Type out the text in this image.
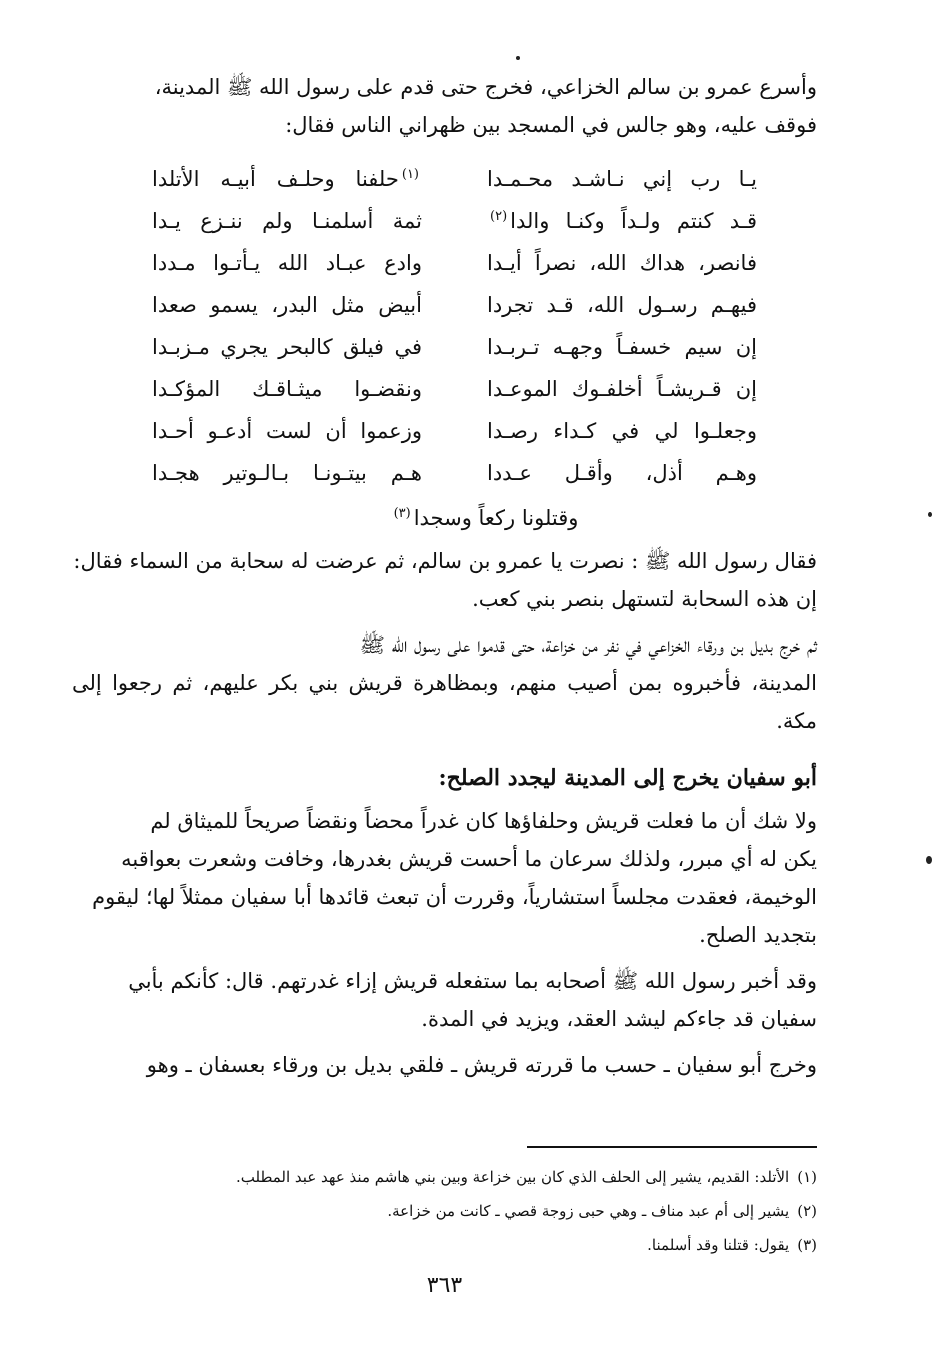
وأسرع عمرو بن سالم الخزاعي، فخرج حتى قدم على رسول الله ﷺ المدينة،
فوقف عليه، وهو جالس في المسجد بين ظهراني الناس فقال:

يـا رب إني نـاشـد محـمـدا
$^{(١)}$حلفنا وحلـف أبيـه الأتلدا
قـد كنتم ولـداً وكنـا والدا$^{(٢)}$
ثمة أسلمنـا ولم ننـزع يـدا
فانصر، هداك الله، نصراً أيـدا
وادع عبـاد الله يـأتـوا مـددا
فيهـم رسـول الله، قـد تجردا
أبيض مثل البدر، يسمو صعدا
إن سيم خسفـاً وجهـه تـربـدا
في فيلق كالبحر يجري مـزبـدا
إن قـريشـاً أخلفـوك الموعـدا
ونقضـوا ميثـاقـك المؤكـدا
وجعلـوا لي في كـداء رصـدا
وزعموا أن لست أدعـو أحـدا
وهـم أذل، وأقـل عـددا
هـم بيتـونـا بـالـوتير هجـدا
وقتلونا ركعاً وسجدا$^{(٣)}$

فقال رسول الله ﷺ : نصرت يا عمرو بن سالم، ثم عرضت له سحابة من السماء فقال:
إن هذه السحابة لتستهل بنصر بني كعب.

ثم خرج بديل بن ورقاء الخزاعي في نفر من خزاعة، حتى قدموا على رسول الله ﷺ
المدينة، فأخبروه بمن أصيب منهم، وبمظاهرة قريش بني بكر عليهم، ثم رجعوا إلى مكة.

أبو سفيان يخرج إلى المدينة ليجدد الصلح:

ولا شك أن ما فعلت قريش وحلفاؤها كان غدراً محضاً ونقضاً صريحاً للميثاق لم
يكن له أي مبرر، ولذلك سرعان ما أحست قريش بغدرها، وخافت وشعرت بعواقبه
الوخيمة، فعقدت مجلساً استشارياً، وقررت أن تبعث قائدها أبا سفيان ممثلاً لها؛ ليقوم
بتجديد الصلح.

وقد أخبر رسول الله ﷺ أصحابه بما ستفعله قريش إزاء غدرتهم. قال: كأنكم بأبي
سفيان قد جاءكم ليشد العقد، ويزيد في المدة.

وخرج أبو سفيان ـ حسب ما قررته قريش ـ فلقي بديل بن ورقاء بعسفان ـ وهو

(١)الأتلد: القديم، يشير إلى الحلف الذي كان بين خزاعة وبين بني هاشم منذ عهد عبد المطلب.
(٢)يشير إلى أم عبد مناف ـ وهي حبى زوجة قصي ـ كانت من خزاعة.
(٣)يقول: قتلنا وقد أسلمنا.
٣٦٣
